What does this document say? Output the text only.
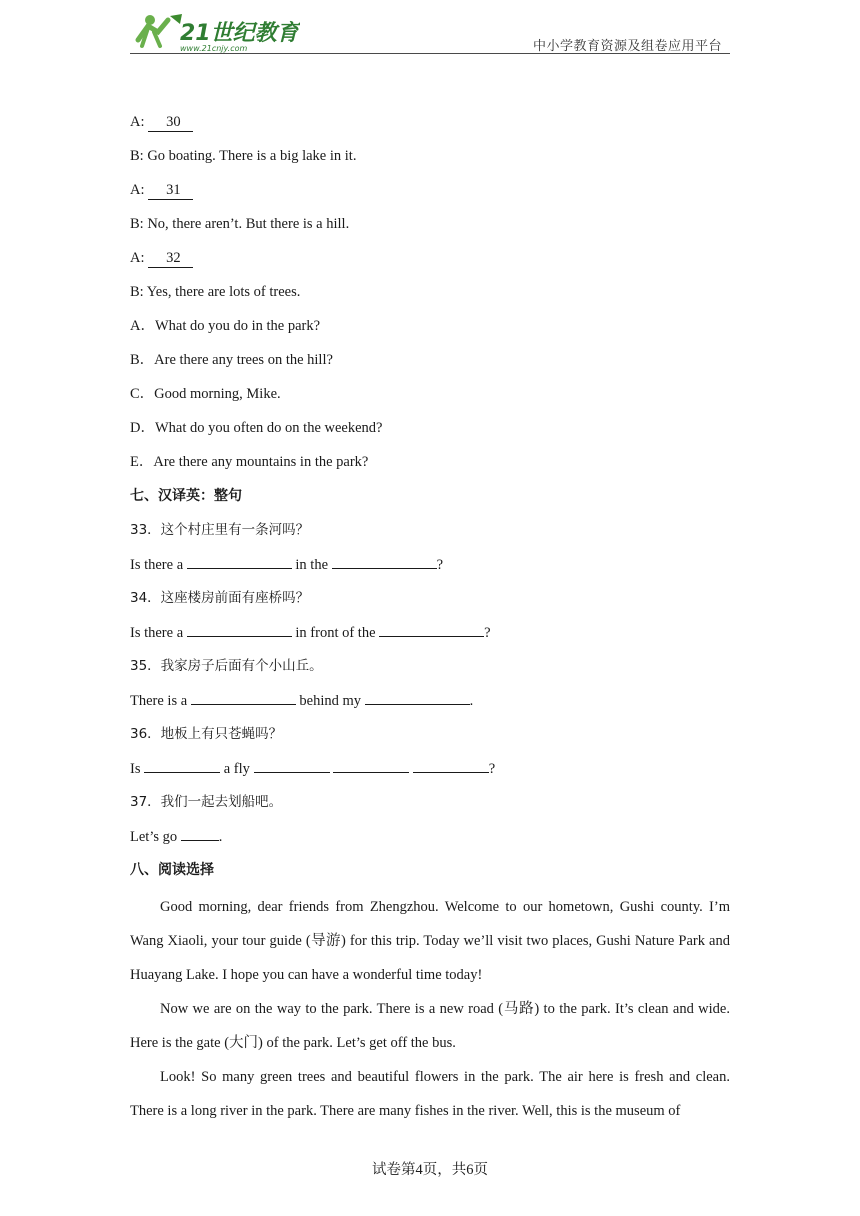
21世纪教育
www.21cnjy.com	中小学教育资源及组卷应用平台
A: 30
B: Go boating. There is a big lake in it.
A: 31
B: No, there aren’t. But there is a hill.
A: 32
B: Yes, there are lots of trees.
A．What do you do in the park?
B．Are there any trees on the hill?
C．Good morning, Mike.
D．What do you often do on the weekend?
E．Are there any mountains in the park?
七、汉译英：整句
33．这个村庄里有一条河吗？
Is there a	in the	?
34．这座楼房前面有座桥吗？
Is there a	in front of the	?
35．我家房子后面有个小山丘。
There is a	behind my	.
36．地板上有只苍蝇吗？
Is	a fly	?
37．我们一起去划船吧。
Let’s go	.
八、阅读选择
Good morning, dear friends from Zhengzhou. Welcome to our hometown, Gushi county. I’m Wang Xiaoli, your tour guide (导游) for this trip. Today we’ll visit two places, Gushi Nature Park and Huayang Lake. I hope you can have a wonderful time today!
Now we are on the way to the park. There is a new road (马路) to the park. It’s clean and wide. Here is the gate (大门) of the park. Let’s get off the bus.
Look! So many green trees and beautiful flowers in the park. The air here is fresh and clean. There is a long river in the park. There are many fishes in the river. Well, this is the museum of
试卷第4页，共6页
